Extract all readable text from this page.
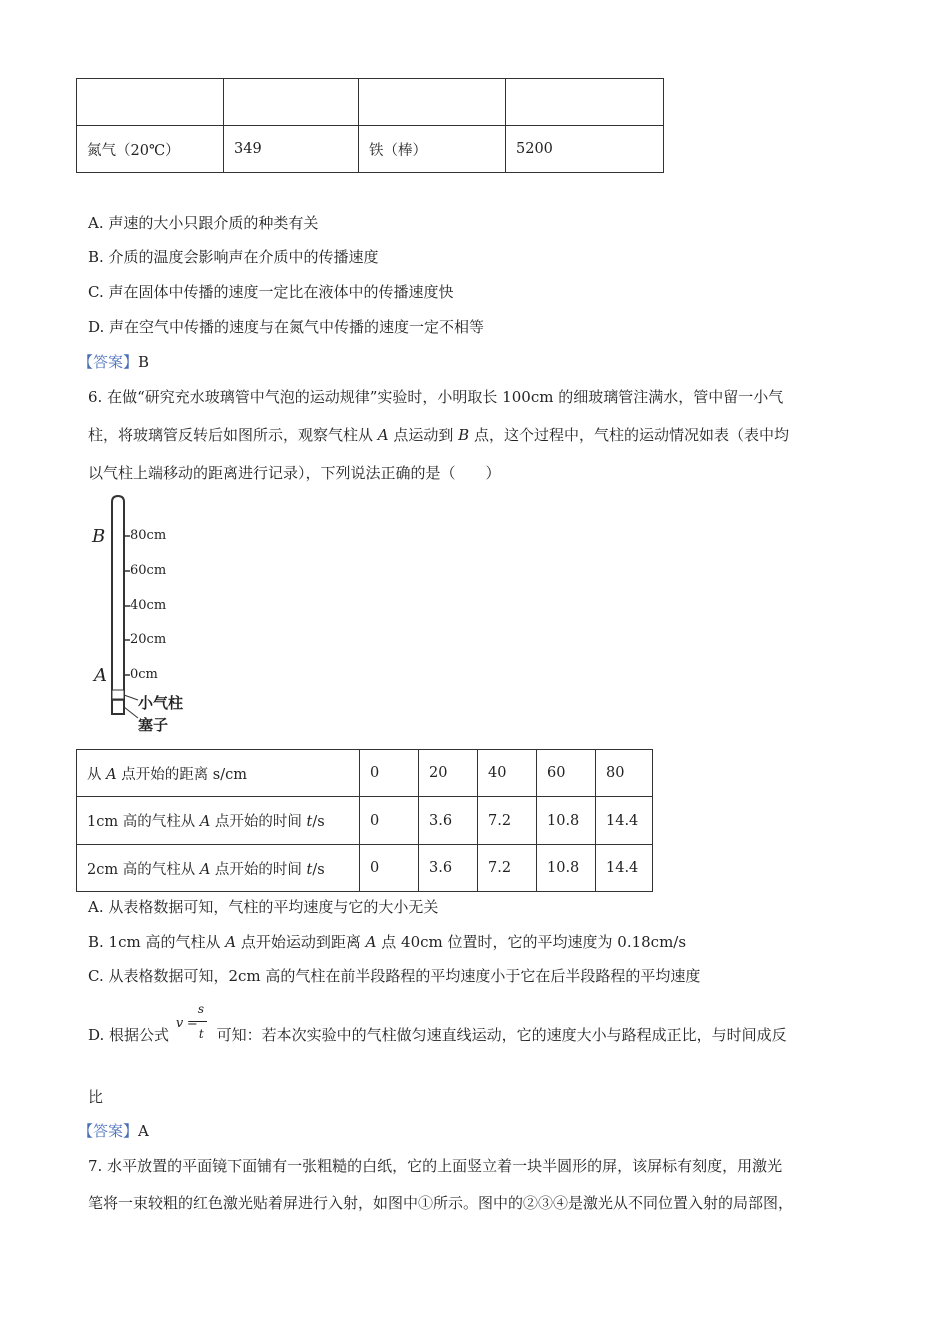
氮气（20℃）	349	铁（棒）	5200
A. 声速的大小只跟介质的种类有关
B. 介质的温度会影响声在介质中的传播速度
C. 声在固体中传播的速度一定比在液体中的传播速度快
D. 声在空气中传播的速度与在氮气中传播的速度一定不相等
【答案】B
6. 在做“研究充水玻璃管中气泡的运动规律”实验时，小明取长 100cm 的细玻璃管注满水，管中留一小气
柱，将玻璃管反转后如图所示，观察气柱从 A 点运动到 B 点，这个过程中，气柱的运动情况如表（表中均
以气柱上端移动的距离进行记录），下列说法正确的是（　　）
B
A
80cm
60cm
40cm
20cm
0cm
小气柱
塞子
从 A 点开始的距离 s/cm	0	20	40	60	80
1cm 高的气柱从 A 点开始的时间 t/s	0	3.6	7.2	10.8	14.4
2cm 高的气柱从 A 点开始的时间 t/s	0	3.6	7.2	10.8	14.4
A. 从表格数据可知，气柱的平均速度与它的大小无关
B. 1cm 高的气柱从 A 点开始运动到距离 A 点 40cm 位置时，它的平均速度为 0.18cm/s
C. 从表格数据可知，2cm 高的气柱在前半段路程的平均速度小于它在后半段路程的平均速度
D. 根据公式
v =
s
t 可知：若本次实验中的气柱做匀速直线运动，它的速度大小与路程成正比，与时间成反
比
【答案】A
7. 水平放置的平面镜下面铺有一张粗糙的白纸，它的上面竖立着一块半圆形的屏，该屏标有刻度，用激光
笔将一束较粗的红色激光贴着屏进行入射，如图中①所示。图中的②③④是激光从不同位置入射的局部图，
